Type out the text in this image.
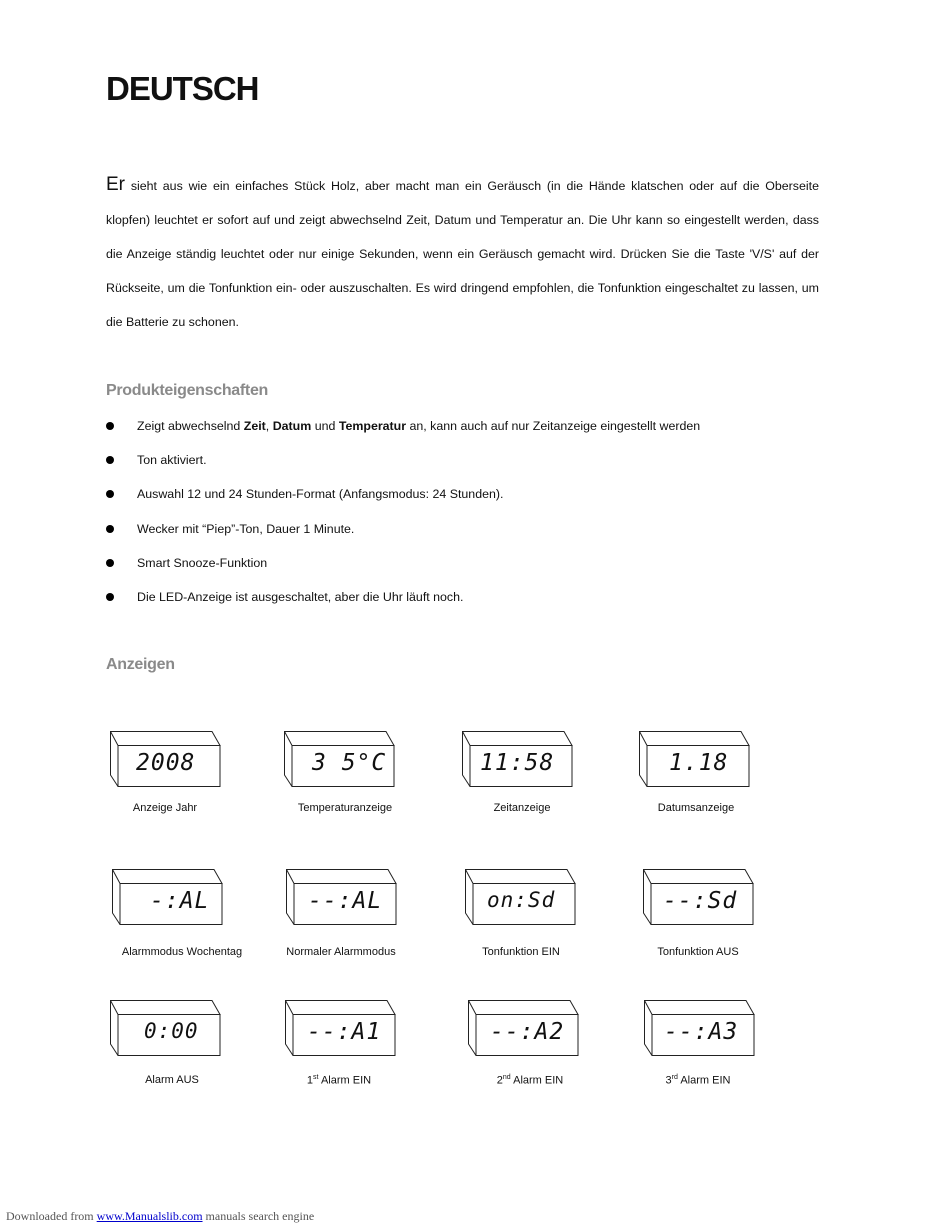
DEUTSCH

Er sieht aus wie ein einfaches Stück Holz, aber macht man ein Geräusch (in die Hände klatschen oder auf die Oberseite klopfen) leuchtet er sofort auf und zeigt abwechselnd Zeit, Datum und Temperatur an. Die Uhr kann so eingestellt werden, dass die Anzeige ständig leuchtet oder nur einige Sekunden, wenn ein Geräusch gemacht wird. Drücken Sie die Taste 'V/S' auf der Rückseite, um die Tonfunktion ein- oder auszuschalten. Es wird dringend empfohlen, die Tonfunktion eingeschaltet zu lassen, um die Batterie zu schonen.

Produkteigenschaften
Zeigt abwechselnd Zeit, Datum und Temperatur an, kann auch auf nur Zeitanzeige eingestellt werden
Ton aktiviert.
Auswahl 12 und 24 Stunden-Format (Anfangsmodus: 24 Stunden).
Wecker mit “Piep”-Ton, Dauer 1 Minute.
Smart Snooze-Funktion
Die LED-Anzeige ist ausgeschaltet, aber die Uhr läuft noch.
Anzeigen
2008
Anzeige Jahr
3 5°C
Temperaturanzeige
11:58
Zeitanzeige
1.18
Datumsanzeige
-:AL
Alarmmodus Wochentag
--:AL
Normaler Alarmmodus
on:Sd
Tonfunktion EIN
--:Sd
Tonfunktion AUS
0:00
Alarm AUS
--:A1
1st Alarm EIN
--:A2
2nd Alarm EIN
--:A3
3rd Alarm EIN
Downloaded from www.Manualslib.com manuals search engine
